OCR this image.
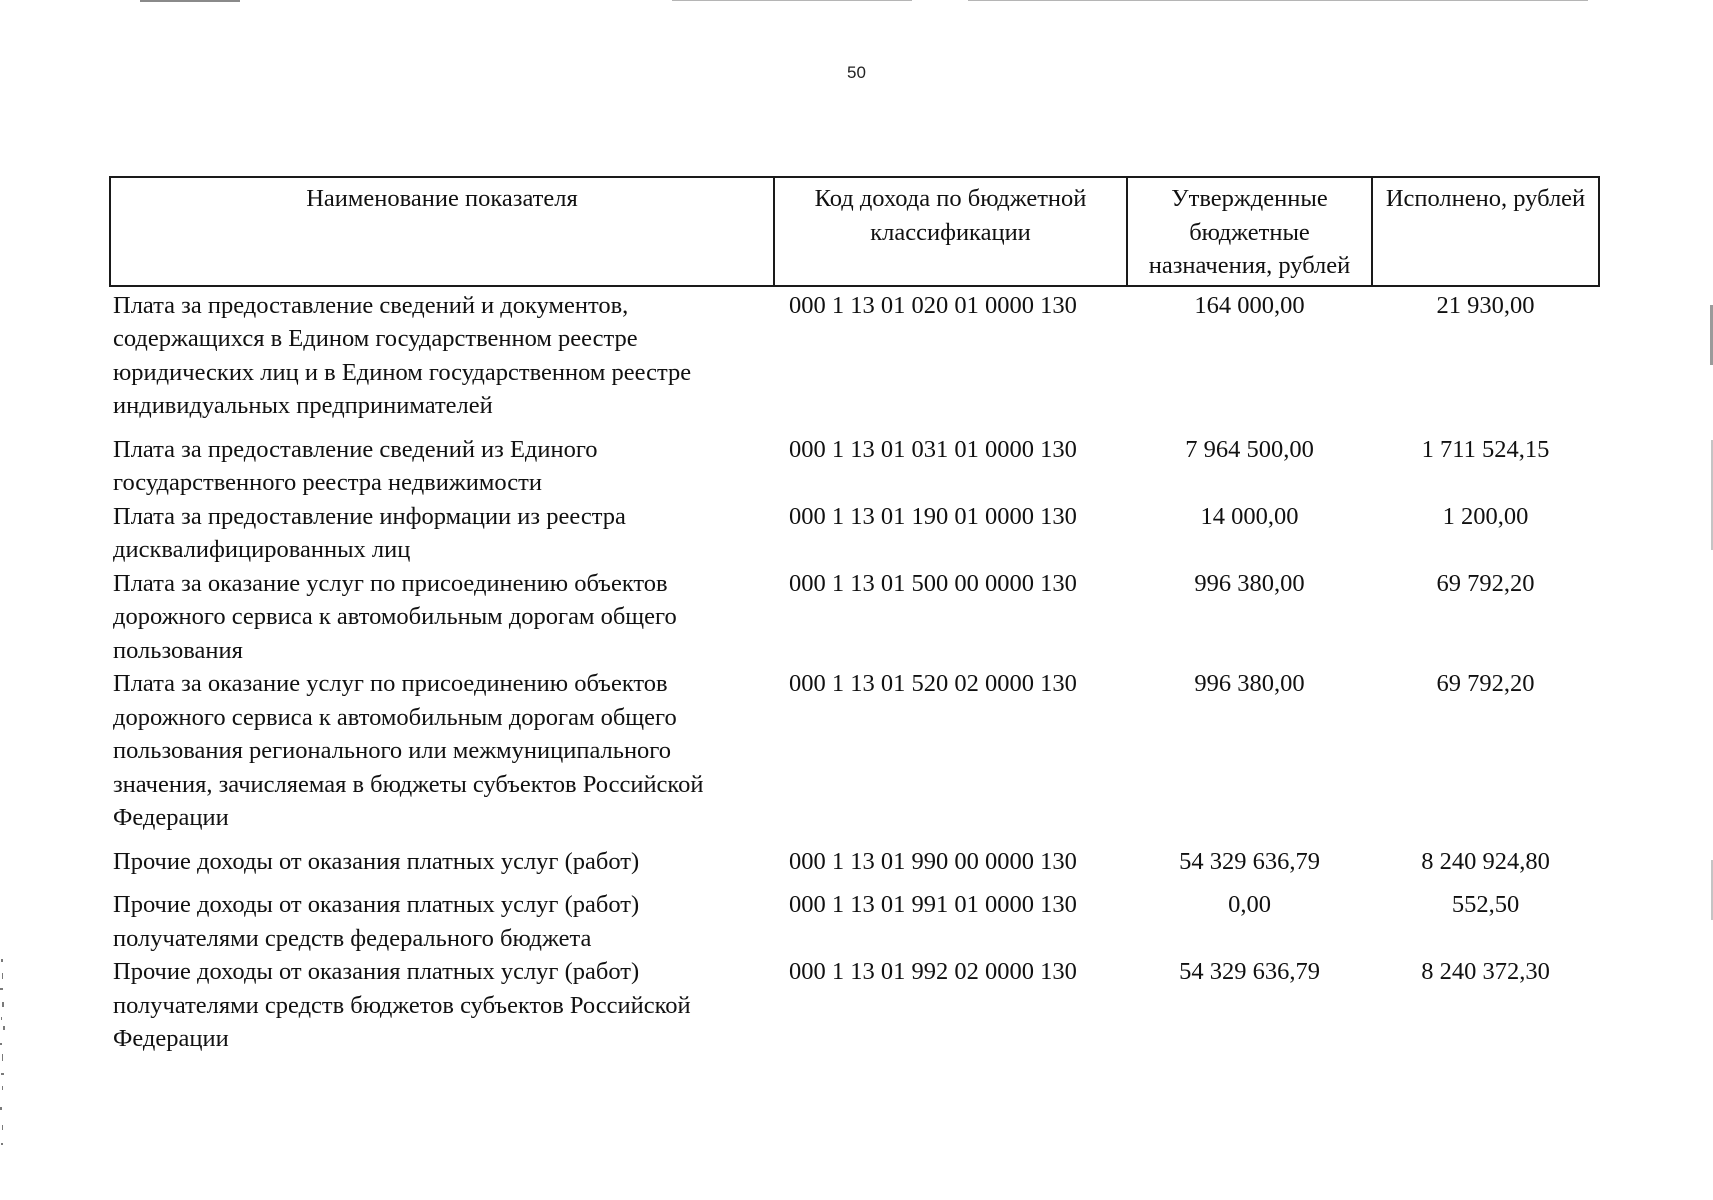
50
Наименование показателя	Код дохода по бюджетной классификации	Утвержденные бюджетные назначения, рублей	Исполнено, рублей
Плата за предоставление сведений и документов, содержащихся в Едином государственном реестре юридических лиц и в Едином государственном реестре индивидуальных предпринимателей	000 1 13 01 020 01 0000 130	164 000,00	21 930,00
Плата за предоставление сведений из Единого государственного реестра недвижимости	000 1 13 01 031 01 0000 130	7 964 500,00	1 711 524,15
Плата за предоставление информации из реестра дисквалифицированных лиц	000 1 13 01 190 01 0000 130	14 000,00	1 200,00
Плата за оказание услуг по присоединению объектов дорожного сервиса к автомобильным дорогам общего пользования	000 1 13 01 500 00 0000 130	996 380,00	69 792,20
Плата за оказание услуг по присоединению объектов дорожного сервиса к автомобильным дорогам общего пользования регионального или межмуниципального значения, зачисляемая в бюджеты субъектов Российской Федерации	000 1 13 01 520 02 0000 130	996 380,00	69 792,20
Прочие доходы от оказания платных услуг (работ)	000 1 13 01 990 00 0000 130	54 329 636,79	8 240 924,80
Прочие доходы от оказания платных услуг (работ) получателями средств федерального бюджета	000 1 13 01 991 01 0000 130	0,00	552,50
Прочие доходы от оказания платных услуг (работ) получателями средств бюджетов субъектов Российской Федерации	000 1 13 01 992 02 0000 130	54 329 636,79	8 240 372,30
